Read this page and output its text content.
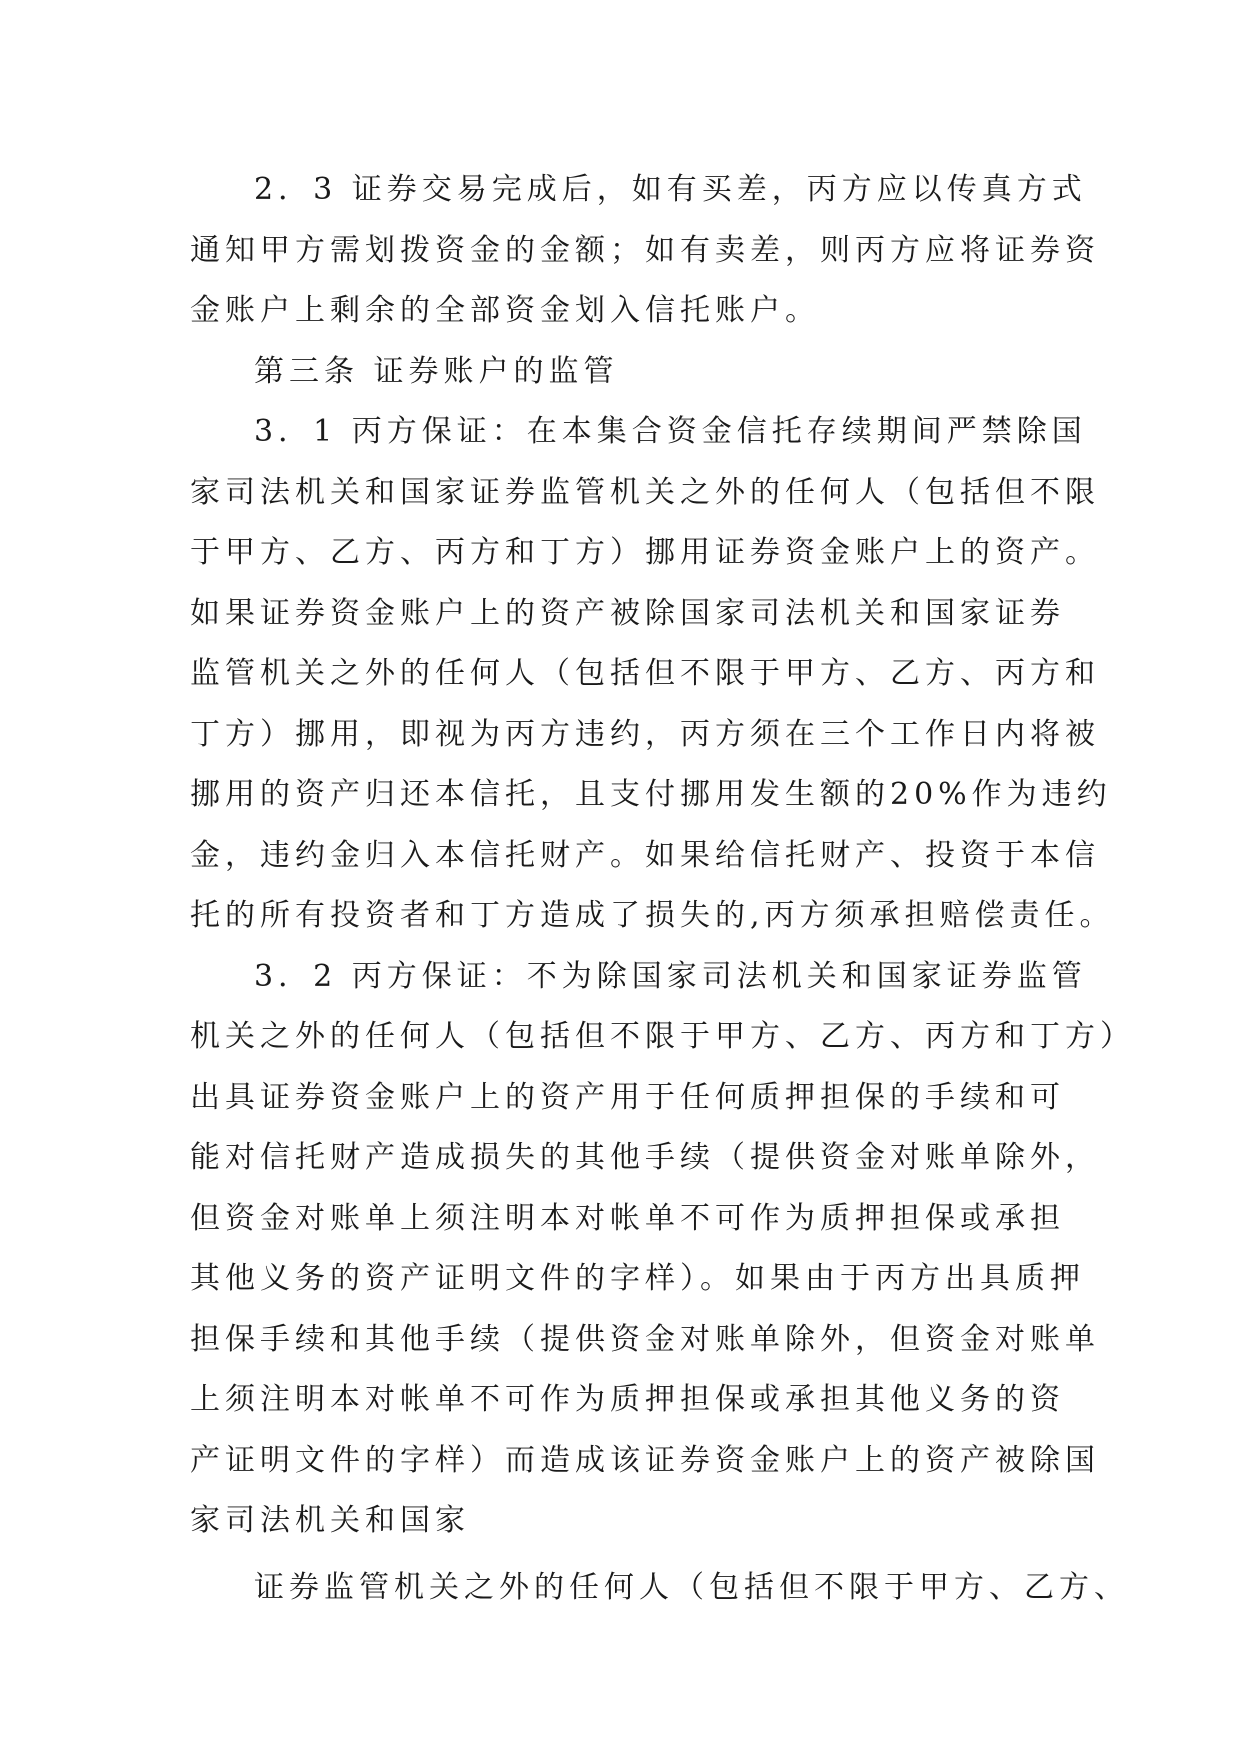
2．3 证券交易完成后，如有买差，丙方应以传真方式
通知甲方需划拨资金的金额；如有卖差，则丙方应将证券资
金账户上剩余的全部资金划入信托账户。
第三条 证券账户的监管
3．1 丙方保证：在本集合资金信托存续期间严禁除国
家司法机关和国家证券监管机关之外的任何人（包括但不限
于甲方、乙方、丙方和丁方）挪用证券资金账户上的资产。
如果证券资金账户上的资产被除国家司法机关和国家证券
监管机关之外的任何人（包括但不限于甲方、乙方、丙方和
丁方）挪用，即视为丙方违约，丙方须在三个工作日内将被
挪用的资产归还本信托，且支付挪用发生额的20%作为违约
金，违约金归入本信托财产。如果给信托财产、投资于本信
托的所有投资者和丁方造成了损失的,丙方须承担赔偿责任。
3．2 丙方保证：不为除国家司法机关和国家证券监管
机关之外的任何人（包括但不限于甲方、乙方、丙方和丁方）
出具证券资金账户上的资产用于任何质押担保的手续和可
能对信托财产造成损失的其他手续（提供资金对账单除外，
但资金对账单上须注明本对帐单不可作为质押担保或承担
其他义务的资产证明文件的字样）。如果由于丙方出具质押
担保手续和其他手续（提供资金对账单除外，但资金对账单
上须注明本对帐单不可作为质押担保或承担其他义务的资
产证明文件的字样）而造成该证券资金账户上的资产被除国
家司法机关和国家
证券监管机关之外的任何人（包括但不限于甲方、乙方、
